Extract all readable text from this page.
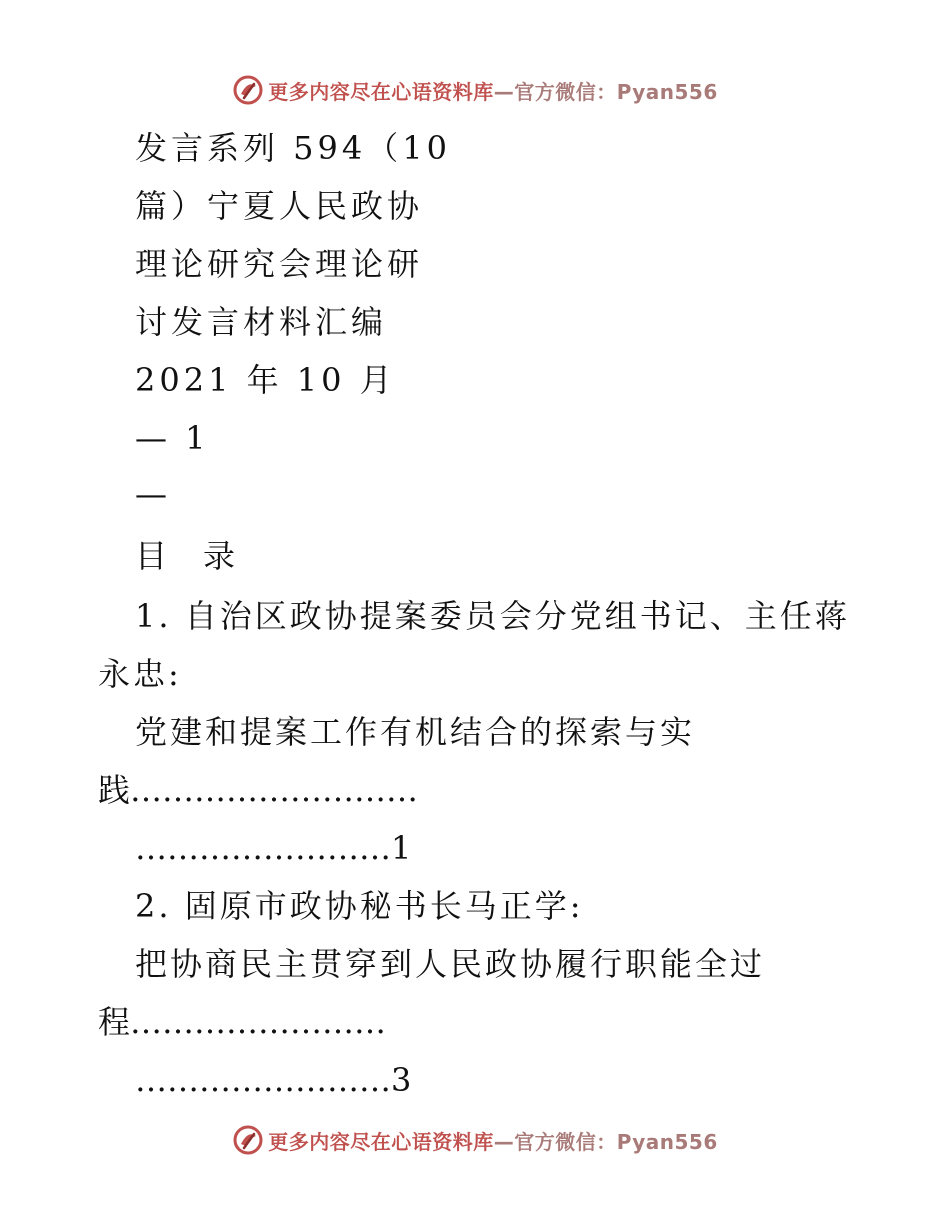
更多内容尽在心语资料库—官方微信：Pyan556
发言系列 594（10
篇）宁夏人民政协
理论研究会理论研
讨发言材料汇编
2021 年 10 月
— 1
—
目 录
1. 自治区政协提案委员会分党组书记、主任蒋
永忠:
党建和提案工作有机结合的探索与实
践………………………
……………………1
2. 固原市政协秘书长马正学:
把协商民主贯穿到人民政协履行职能全过
程……………………
……………………3
更多内容尽在心语资料库—官方微信：Pyan556
